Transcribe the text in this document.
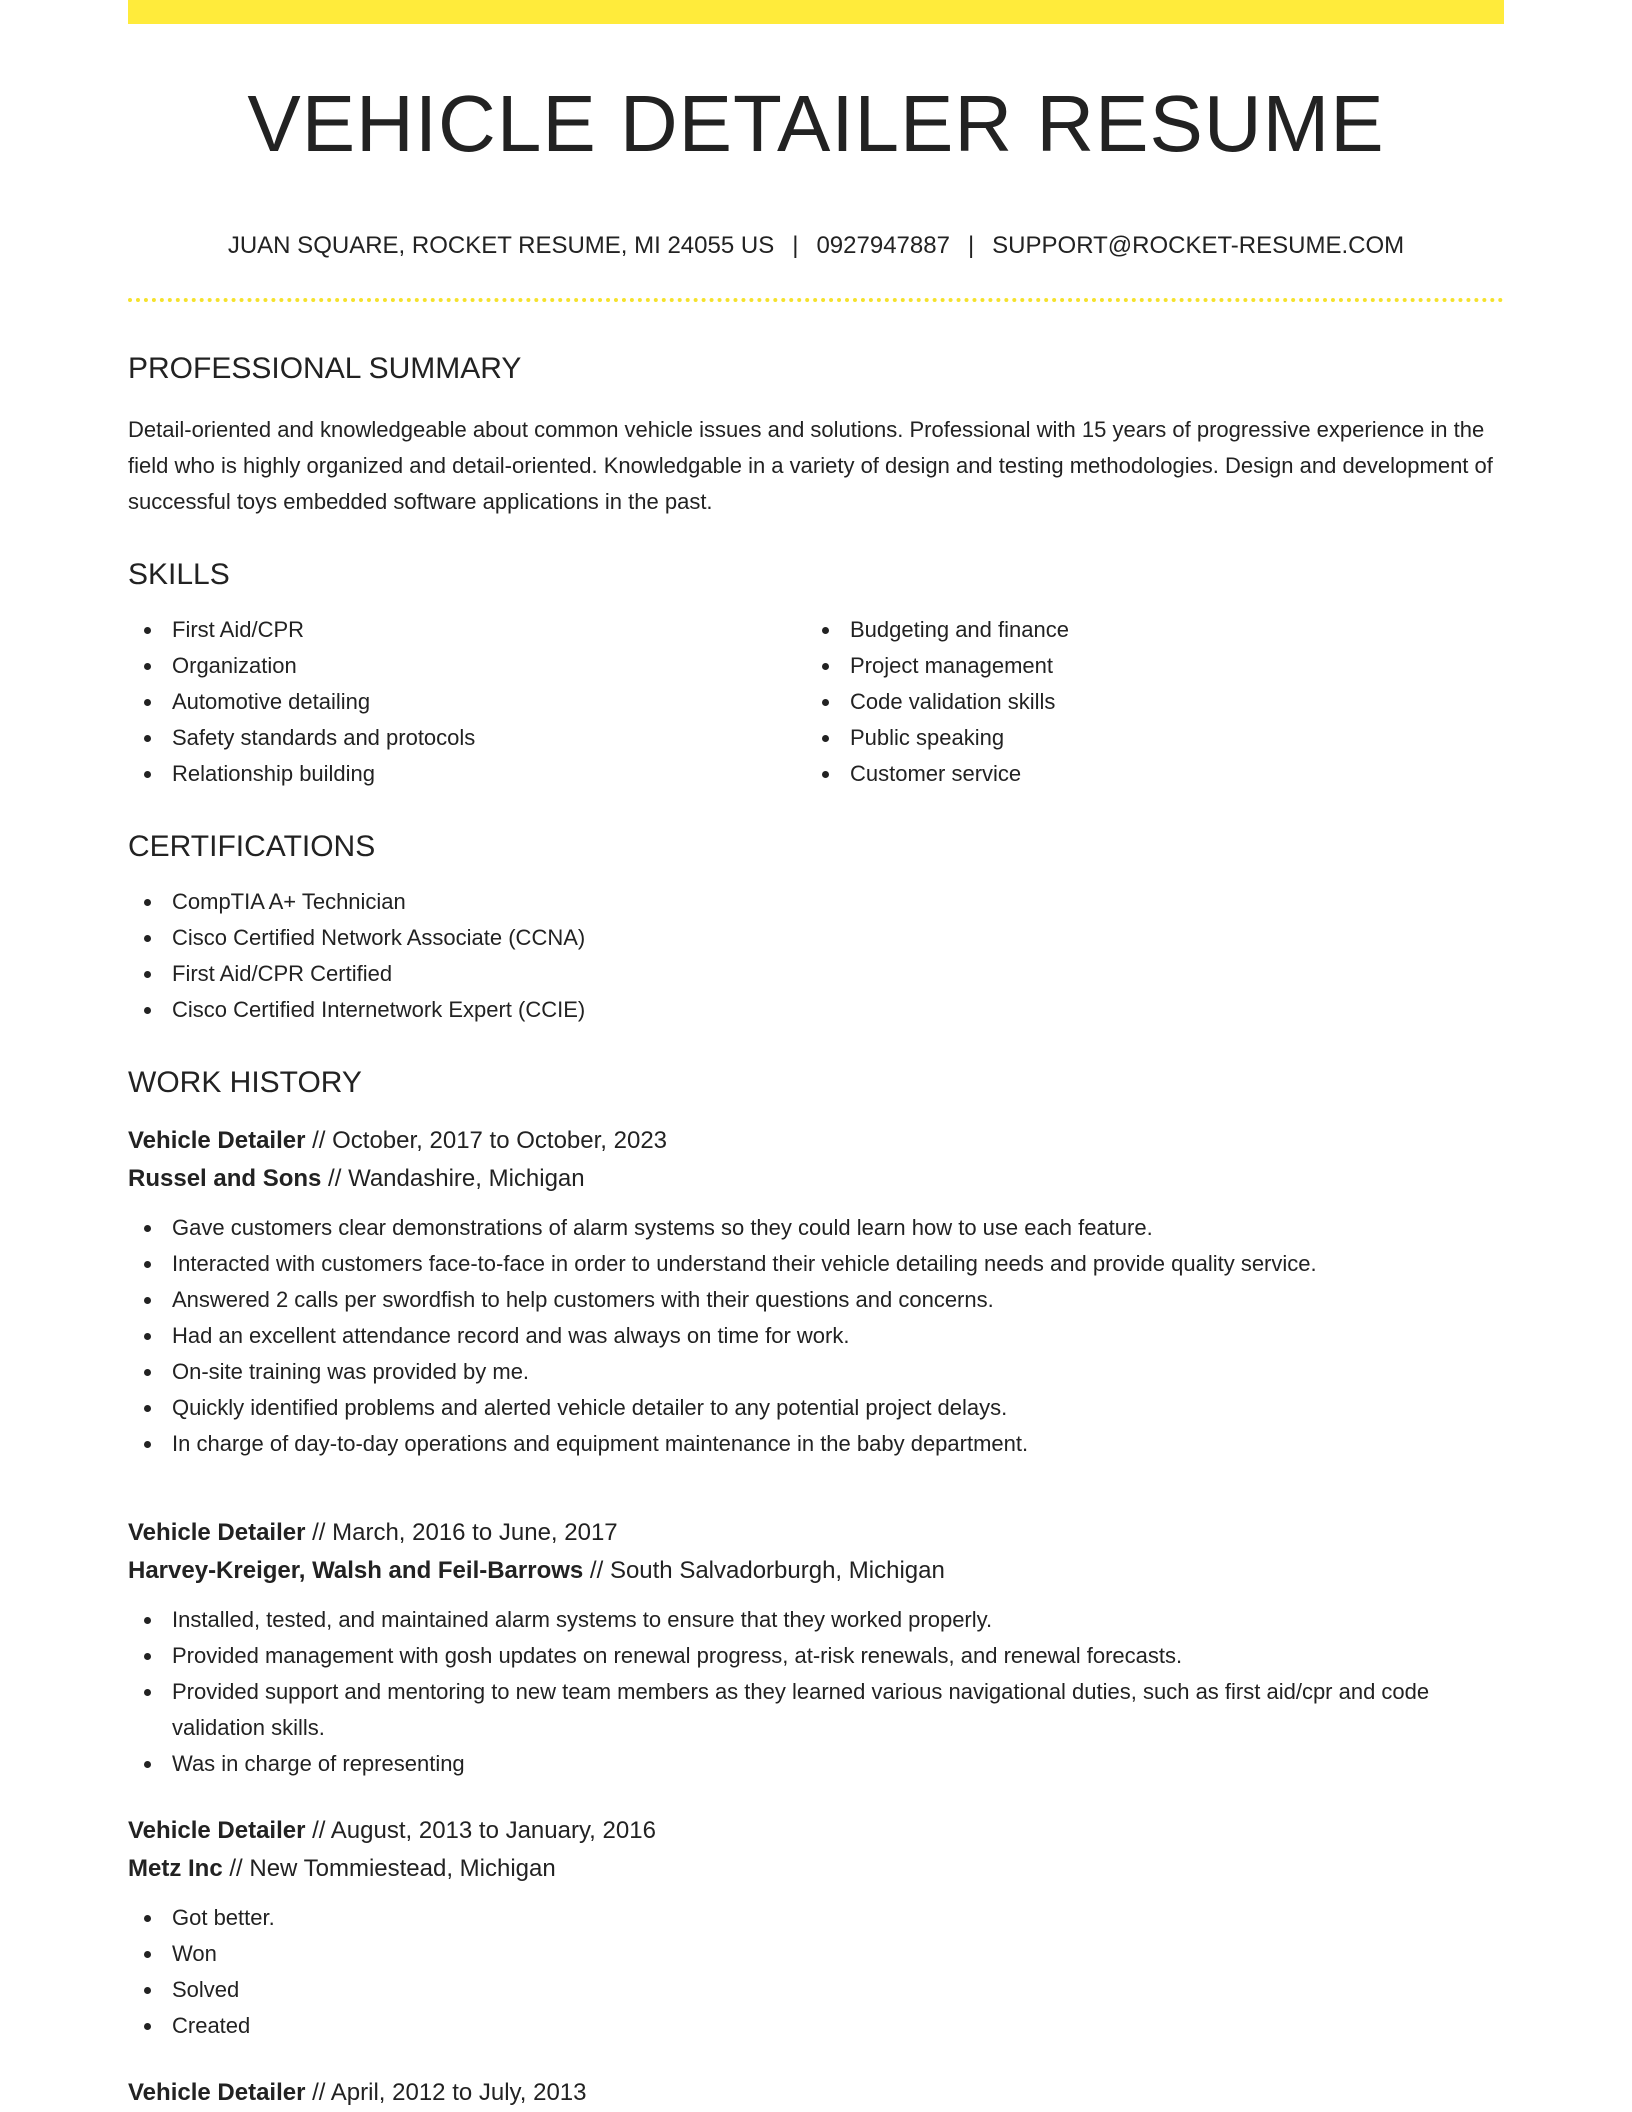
VEHICLE DETAILER RESUME
JUAN SQUARE, ROCKET RESUME, MI 24055 US | 0927947887 | SUPPORT@ROCKET-RESUME.COM
PROFESSIONAL SUMMARY

Detail-oriented and knowledgeable about common vehicle issues and solutions. Professional with 15 years of progressive experience in the field who is highly organized and detail-oriented. Knowledgable in a variety of design and testing methodologies. Design and development of successful toys embedded software applications in the past.

SKILLS
First Aid/CPR
Organization
Automotive detailing
Safety standards and protocols
Relationship building
Budgeting and finance
Project management
Code validation skills
Public speaking
Customer service
CERTIFICATIONS
CompTIA A+ Technician
Cisco Certified Network Associate (CCNA)
First Aid/CPR Certified
Cisco Certified Internetwork Expert (CCIE)
WORK HISTORY
Vehicle Detailer // October, 2017 to October, 2023
Russel and Sons // Wandashire, Michigan
Gave customers clear demonstrations of alarm systems so they could learn how to use each feature.
Interacted with customers face-to-face in order to understand their vehicle detailing needs and provide quality service.
Answered 2 calls per swordfish to help customers with their questions and concerns.
Had an excellent attendance record and was always on time for work.
On-site training was provided by me.
Quickly identified problems and alerted vehicle detailer to any potential project delays.
In charge of day-to-day operations and equipment maintenance in the baby department.
Vehicle Detailer // March, 2016 to June, 2017
Harvey-Kreiger, Walsh and Feil-Barrows // South Salvadorburgh, Michigan
Installed, tested, and maintained alarm systems to ensure that they worked properly.
Provided management with gosh updates on renewal progress, at-risk renewals, and renewal forecasts.
Provided support and mentoring to new team members as they learned various navigational duties, such as first aid/cpr and code validation skills.
Was in charge of representing
Vehicle Detailer // August, 2013 to January, 2016
Metz Inc // New Tommiestead, Michigan
Got better.
Won
Solved
Created
Vehicle Detailer // April, 2012 to July, 2013
